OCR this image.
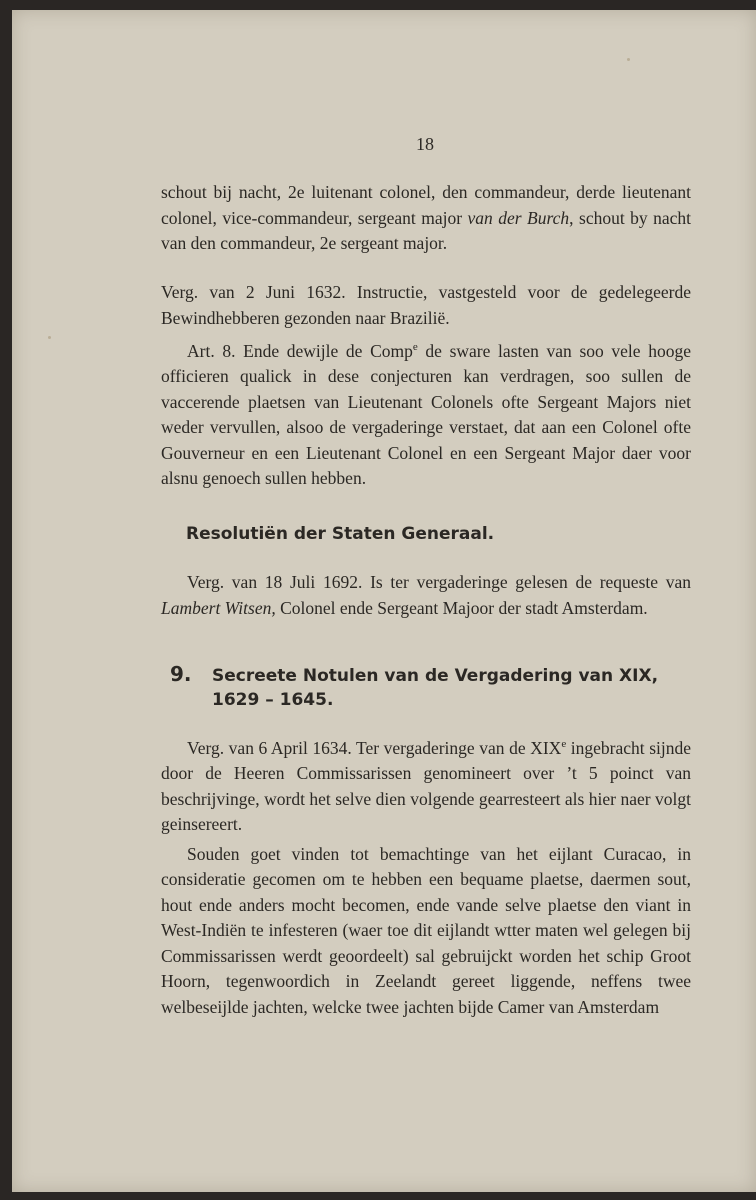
18

schout bij nacht, 2e luitenant colonel, den commandeur, derde lieutenant colonel, vice-commandeur, sergeant major van der Burch, schout by nacht van den commandeur, 2e sergeant major.

Verg. van 2 Juni 1632. Instructie, vastgesteld voor de gedelegeerde Bewindhebberen gezonden naar Brazilië.

Art. 8. Ende dewijle de Comp$^e$ de sware lasten van soo vele hooge officieren qualick in dese conjecturen kan verdragen, soo sullen de vaccerende plaetsen van Lieutenant Colonels ofte Sergeant Majors niet weder vervullen, alsoo de vergaderinge verstaet, dat aan een Colonel ofte Gouverneur en een Lieutenant Colonel en een Sergeant Major daer voor alsnu genoech sullen hebben.

Resolutiën der Staten Generaal.

Verg. van 18 Juli 1692. Is ter vergaderinge gelesen de requeste van Lambert Witsen, Colonel ende Sergeant Majoor der stadt Amsterdam.

9. Secreete Notulen van de Vergadering van XIX,
1629 – 1645.

Verg. van 6 April 1634. Ter vergaderinge van de XIXe ingebracht sijnde door de Heeren Commissarissen genomineert over ’t 5 poinct van beschrijvinge, wordt het selve dien volgende gearresteert als hier naer volgt geinsereert.

Souden goet vinden tot bemachtinge van het eijlant Curacao, in consideratie gecomen om te hebben een bequame plaetse, daermen sout, hout ende anders mocht becomen, ende vande selve plaetse den viant in West-Indiën te infesteren (waer toe dit eijlandt wtter maten wel gelegen bij Commissarissen werdt geoordeelt) sal gebruijckt worden het schip Groot Hoorn, tegenwoordich in Zeelandt gereet liggende, neffens twee welbeseijlde jachten, welcke twee jachten bijde Camer van Amsterdam
